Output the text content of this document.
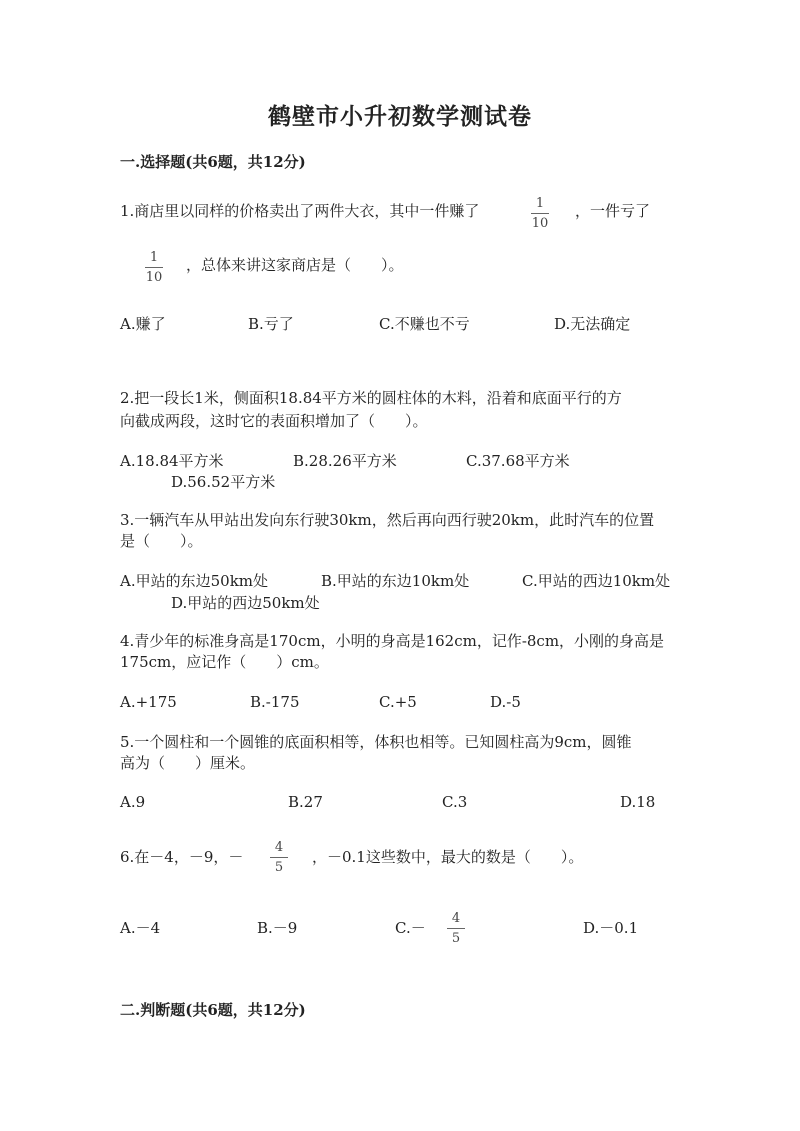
鹤壁市小升初数学测试卷
一.选择题(共6题，共12分)
1.商店里以同样的价格卖出了两件大衣，其中一件赚了	1
10
，一件亏了
1
10
，总体来讲这家商店是（　　）。
A.赚了	B.亏了	C.不赚也不亏	D.无法确定
2.把一段长1米，侧面积18.84平方米的圆柱体的木料，沿着和底面平行的方
向截成两段，这时它的表面积增加了（　　）。
A.18.84平方米	B.28.26平方米	C.37.68平方米
D.56.52平方米
3.一辆汽车从甲站出发向东行驶30km，然后再向西行驶20km，此时汽车的位置
是（　　）。
A.甲站的东边50km处	B.甲站的东边10km处	C.甲站的西边10km处
D.甲站的西边50km处
4.青少年的标准身高是170cm，小明的身高是162cm，记作-8cm，小刚的身高是
175cm，应记作（　　）cm。
A.+175	B.-175	C.+5	D.-5
5.一个圆柱和一个圆锥的底面积相等，体积也相等。已知圆柱高为9cm，圆锥
高为（　　）厘米。
A.9	B.27	C.3	D.18
6.在－4，－9，－
4
5
，－0.1这些数中，最大的数是（　　）。
A.－4	B.－9	C.－
4
5
D.－0.1
二.判断题(共6题，共12分)
